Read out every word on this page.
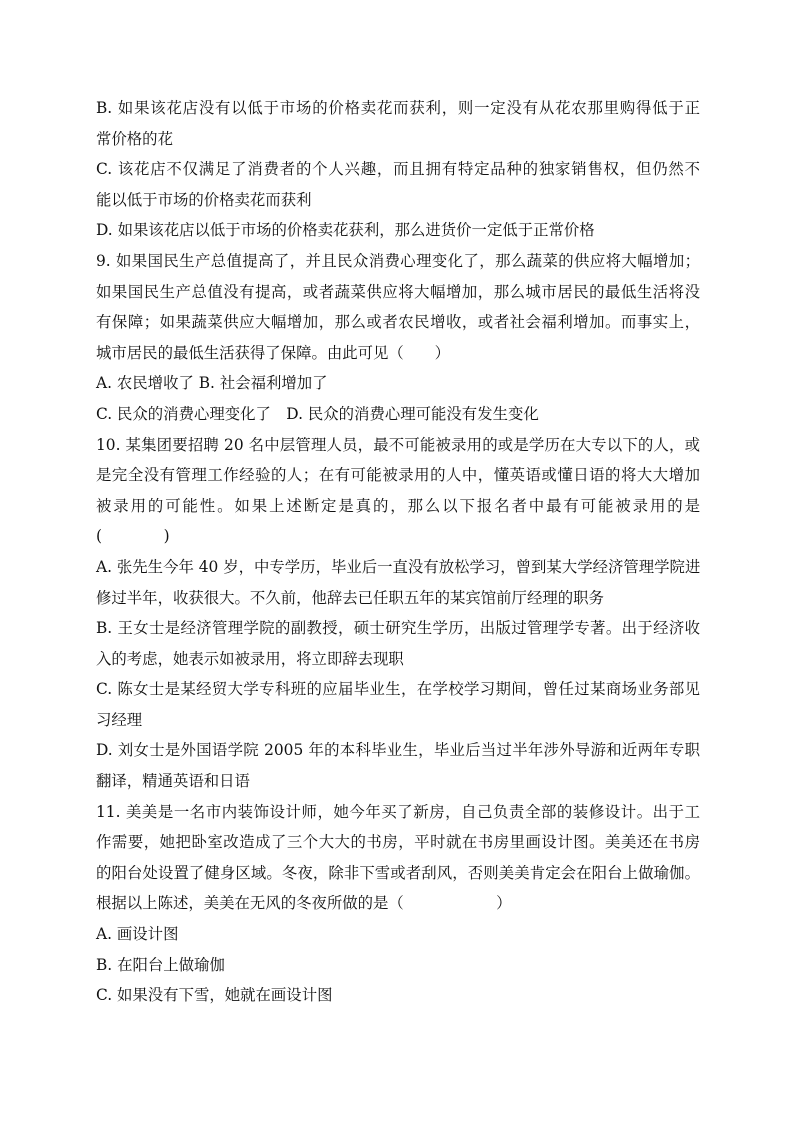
B. 如果该花店没有以低于市场的价格卖花而获利，则一定没有从花农那里购得低于正

常价格的花

C. 该花店不仅满足了消费者的个人兴趣，而且拥有特定品种的独家销售权，但仍然不

能以低于市场的价格卖花而获利

D. 如果该花店以低于市场的价格卖花获利，那么进货价一定低于正常价格

9. 如果国民生产总值提高了，并且民众消费心理变化了，那么蔬菜的供应将大幅增加；

如果国民生产总值没有提高，或者蔬菜供应将大幅增加，那么城市居民的最低生活将没

有保障；如果蔬菜供应大幅增加，那么或者农民增收，或者社会福利增加。而事实上，

城市居民的最低生活获得了保障。由此可见（　　）

A. 农民增收了 B. 社会福利增加了

C. 民众的消费心理变化了　D. 民众的消费心理可能没有发生变化

10. 某集团要招聘 20 名中层管理人员，最不可能被录用的或是学历在大专以下的人，或

是完全没有管理工作经验的人；在有可能被录用的人中，懂英语或懂日语的将大大增加

被录用的可能性。如果上述断定是真的，那么以下报名者中最有可能被录用的是

(　　　　)

A. 张先生今年 40 岁，中专学历，毕业后一直没有放松学习，曾到某大学经济管理学院进

修过半年，收获很大。不久前，他辞去已任职五年的某宾馆前厅经理的职务

B. 王女士是经济管理学院的副教授，硕士研究生学历，出版过管理学专著。出于经济收

入的考虑，她表示如被录用，将立即辞去现职

C. 陈女士是某经贸大学专科班的应届毕业生，在学校学习期间，曾任过某商场业务部见

习经理

D. 刘女士是外国语学院 2005 年的本科毕业生，毕业后当过半年涉外导游和近两年专职

翻译，精通英语和日语

11. 美美是一名市内装饰设计师，她今年买了新房，自己负责全部的装修设计。出于工

作需要，她把卧室改造成了三个大大的书房，平时就在书房里画设计图。美美还在书房

的阳台处设置了健身区域。冬夜，除非下雪或者刮风，否则美美肯定会在阳台上做瑜伽。

根据以上陈述，美美在无风的冬夜所做的是（　　　　　　）

A. 画设计图

B. 在阳台上做瑜伽

C. 如果没有下雪，她就在画设计图
